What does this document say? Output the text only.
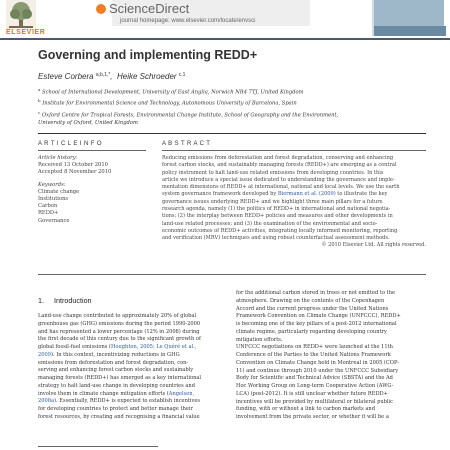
ELSEVIER
ScienceDirect
journal homepage: www.elsevier.com/locate/envsci
Governing and implementing REDD+
Esteve Corbera $^{a,b,1,*}$,  Heike Schroeder $^{c,1}$
$^a$ School of International Development, University of East Anglia, Norwich NR4 7TJ, United Kingdom
$^b$ Institute for Environmental Science and Technology, Autonomous University of Barcelona, Spain
$^c$ Oxford Centre for Tropical Forests, Environmental Change Institute, School of Geography and the Environment,
University of Oxford, United Kingdom
A R T I C L E I N F O	A B S T R A C T
Article history:
Received 13 October 2010
Accepted 8 November 2010
Keywords:
Climate change
Institutions
Carbon
REDD+
Governance
Reducing emissions from deforestation and forest degradation, conserving and enhancing
forest carbon stocks, and sustainably managing forests (REDD+) are emerging as a central
policy instrument to halt land-use related emissions from developing countries. In this
article we introduce a special issue dedicated to understanding the governance and imple-
mentation dimensions of REDD+ at international, national and local levels. We use the earth
system governance framework developed by Biermann et al. (2009) to illustrate the key
governance issues underlying REDD+ and we highlight three main pillars for a future
research agenda, namely (1) the politics of REDD+ in international and national negotia-
tions; (2) the interplay between REDD+ policies and measures and other developments in
land-use related processes; and (3) the examination of the environmental and socio-
economic outcomes of REDD+ activities, integrating locally informed monitoring, reporting
and verification (MRV) techniques and using robust counterfactual assessment methods.
© 2010 Elsevier Ltd. All rights reserved.
1. Introduction
Land-use change contributed to approximately 20% of global
greenhouse gas (GHG) emissions during the period 1990-2000
and has represented a lower percentage (12% in 2008) during
the first decade of this century due to the significant growth of
global fossil-fuel emissions (Houghton, 2005; Le Quéré et al.,
2009). In this context, incentivizing reductions in GHG
emissions from deforestation and forest degradation, con-
serving and enhancing forest carbon stocks and sustainably
managing forests (REDD+) has emerged as a key international
strategy to halt land-use change in developing countries and
involve them in climate change mitigation efforts (Angelsen,
2008a). Essentially, REDD+ is expected to establish incentives
for developing countries to protect and better manage their
forest resources, by creating and recognising a financial value
for the additional carbon stored in trees or not emitted to the
atmosphere. Drawing on the contents of the Copenhagen
Accord and the current progress under the United Nations
Framework Convention on Climate Change (UNFCCC), REDD+
is becoming one of the key pillars of a post-2012 international
climate regime, particularly regarding developing country
mitigation efforts.
UNFCCC negotiations on REDD+ were launched at the 11th
Conference of the Parties to the United Nations Framework
Convention on Climate Change held in Montreal in 2005 (COP-
11) and continue through 2010 under the UNFCCC Subsidiary
Body for Scientific and Technical Advice (SBSTA) and the Ad
Hoc Working Group on Long-term Cooperative Action (AWG-
LCA) (post-2012). It is still unclear whether future REDD+
incentives will be provided by multilateral or bilateral public
funding, with or without a link to carbon markets and
involvement from the private sector, or whether it will be a
